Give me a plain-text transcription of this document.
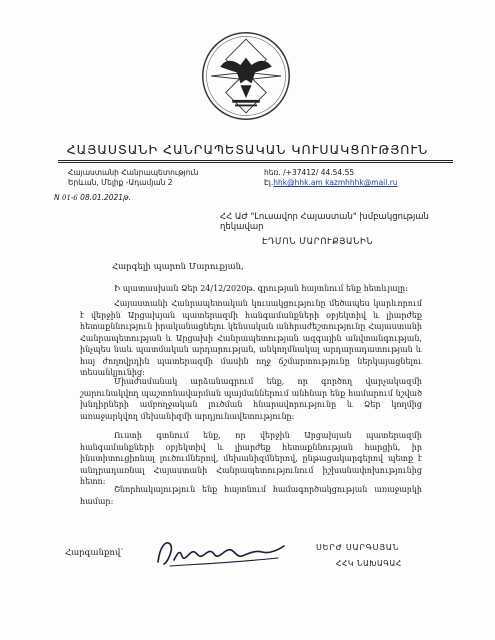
ՀԱՅԱՍՏԱՆԻ ՀԱՆՐԱՊԵՏԱԿԱՆ ԿՈՒՍԱԿՑՈՒԹՅՈՒՆ
Հայաստանի Հանրապետություն
Երևան, Մելիք -Ադամյան 2
հեռ. /+37412/ 44.54.55
Էլ.hhk@hhk.am kazmhhhk@mail.ru
N 01-6 08.01.2021թ.
ՀՀ ԱԺ "Լուսավոր Հայաստան" խմբակցության ղեկավար
ԷԴՄՈՆ ՄԱՐՈՒՔՅԱՆԻՆ
Հարգելի պարոն Մարուքյան,
Ի պատասխան Ձեր 24/12/2020թ. գրության հայտնում ենք հետևյալը։
Հայաստանի Հանրապետական կուսակցությունը մեծապես կարևորում է վերջին Արցախյան պատերազմի հանգամանքների օբյեկտիվ և լիարժեք հետաքննություն իրականացնելու կենսական անհրաժեշտությունը Հայաստանի Հանրապետության և Արցախի Հանրապետության ազգային անվտանգության, ինչպես նաև պատմական արդարության, անկողմնակալ արդարադատության և հայ ժողովրդին պատերազմի մասին ողջ ճշմարտությունը ներկայացնելու տեսանկյունից։
Միաժամանակ արձանագրում ենք, որ գործող վարչակազմի շարունակվող պաշտոնավարման պայմաններում անհնար ենք համարում նշված խնդիրների ամբողջական լուծման հնարավորությունը և Ձեր կողմից առաջարկվող մեխանիզմի արդյունավետությունը։
Ուստի գտնում ենք, որ վերջին Արցախյան պատերազմի հանգամանքների օբյեկտիվ և լիարժեք հետաքննության հարցին, իր ինստիտուցիոնալ լուծումներով, մեխանիզմներով, ընթացակարգերով պետք է անդրադառնալ Հայաստանի Հանրապետությունում իշխանափոխությունից հետո։
Շնորհակալություն ենք հայտնում համագործակցության առաջարկի համար։
Հարգանքով՝
ՍԵՐԺ ՍԱՐԳՍՅԱՆ
ՀՀԿ ՆԱԽԱԳԱՀ
